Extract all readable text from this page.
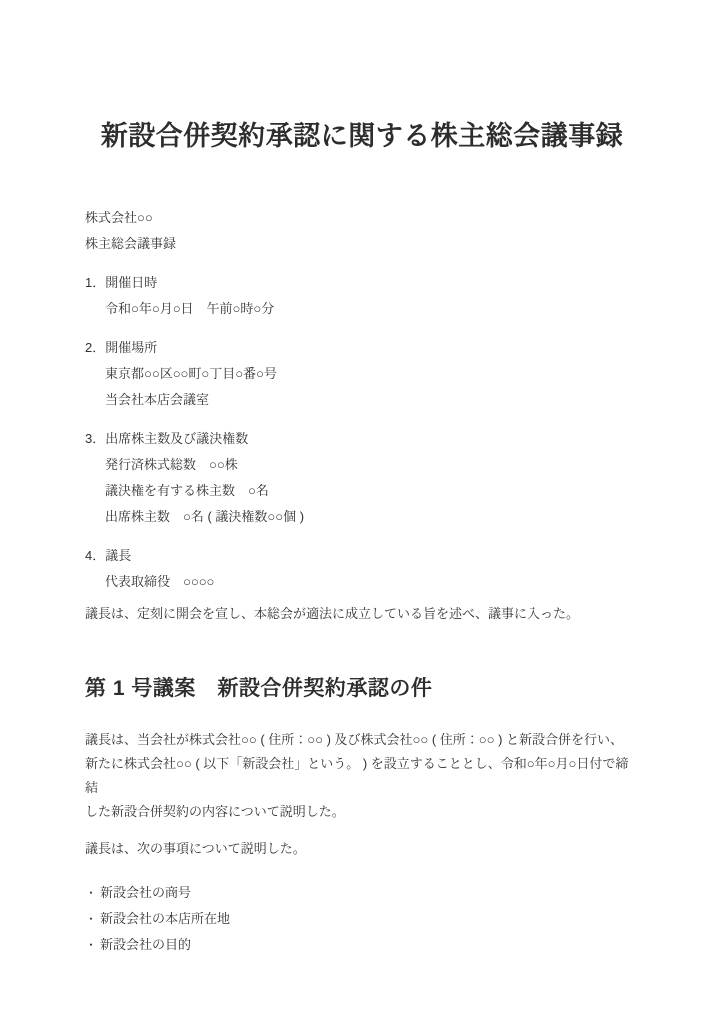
新設合併契約承認に関する株主総会議事録
株式会社○○
株主総会議事録
1．開催日時
令和○年○月○日　午前○時○分
2．開催場所
東京都○○区○○町○丁目○番○号
当会社本店会議室
3．出席株主数及び議決権数
発行済株式総数　○○株
議決権を有する株主数　○名
出席株主数　○名 ( 議決権数○○個 )
4．議長
代表取締役　○○○○

議長は、定刻に開会を宣し、本総会が適法に成立している旨を述べ、議事に入った。

第 1 号議案　新設合併契約承認の件
議長は、当会社が株式会社○○ ( 住所：○○ ) 及び株式会社○○ ( 住所：○○ ) と新設合併を行い、
新たに株式会社○○ ( 以下「新設会社」という。 ) を設立することとし、令和○年○月○日付で締結
した新設合併契約の内容について説明した。

議長は、次の事項について説明した。

・ 新設会社の商号
・ 新設会社の本店所在地
・ 新設会社の目的
